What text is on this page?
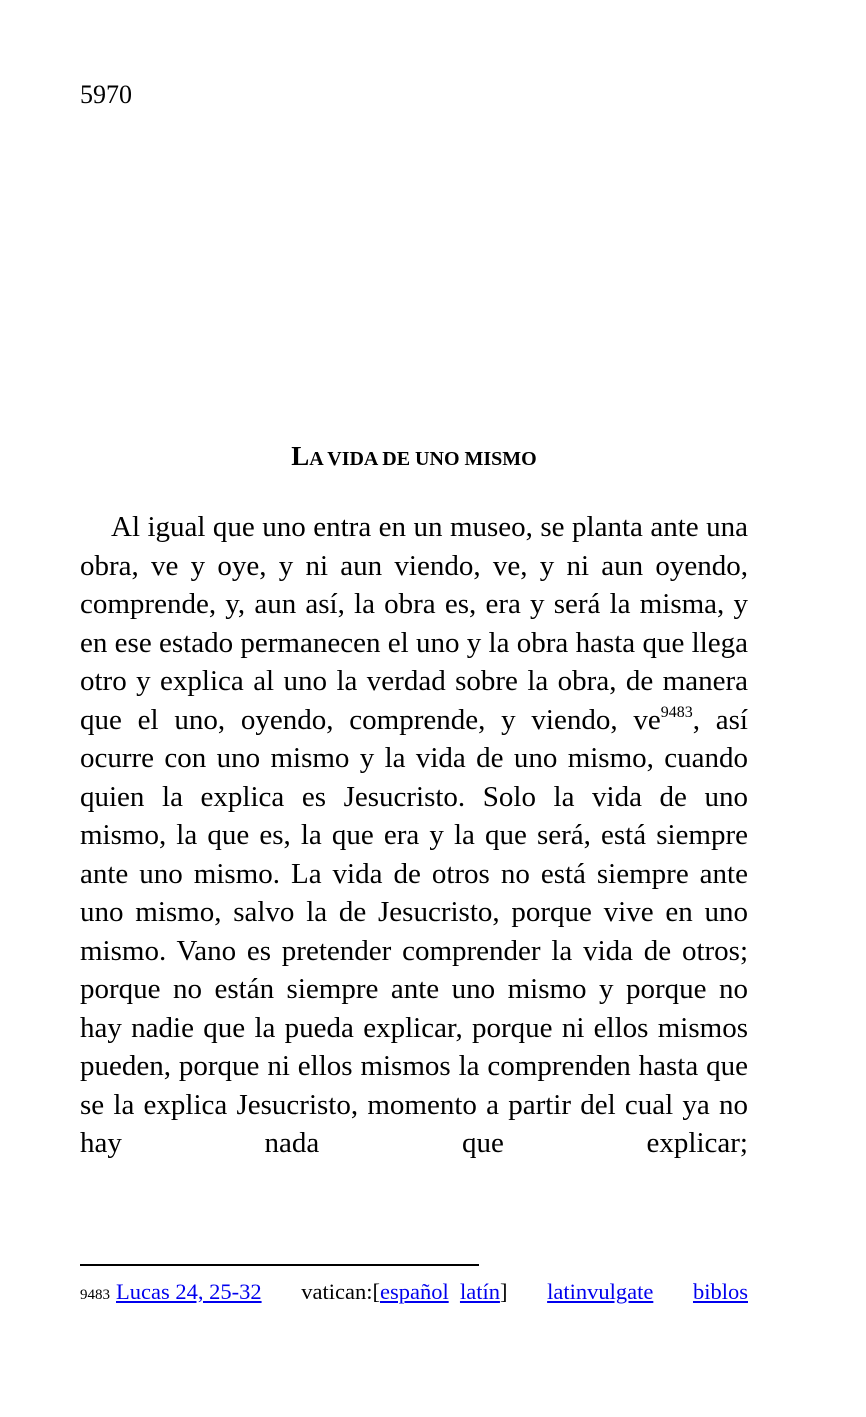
5970
LA VIDA DE UNO MISMO

Al igual que uno entra en un museo, se planta ante una obra, ve y oye, y ni aun viendo, ve, y ni aun oyendo, comprende, y, aun así, la obra es, era y será la misma, y en ese estado permanecen el uno y la obra hasta que llega otro y explica al uno la verdad sobre la obra, de manera que el uno, oyendo, comprende, y viendo, $ve^{9483}$, así ocurre con uno mismo y la vida de uno mismo, cuando quien la explica es Jesucristo. Solo la vida de uno mismo, la que es, la que era y la que será, está siempre ante uno mismo. La vida de otros no está siempre ante uno mismo, salvo la de Jesucristo, porque vive en uno mismo. Vano es pretender comprender la vida de otros; porque no están siempre ante uno mismo y porque no hay nadie que la pueda explicar, porque ni ellos mismos pueden, porque ni ellos mismos la comprenden hasta que se la explica Jesucristo, momento a partir del cual ya no hay nada que explicar;

9483 Lucas 24, 25-32 vatican:[español latín] latinvulgate biblos
